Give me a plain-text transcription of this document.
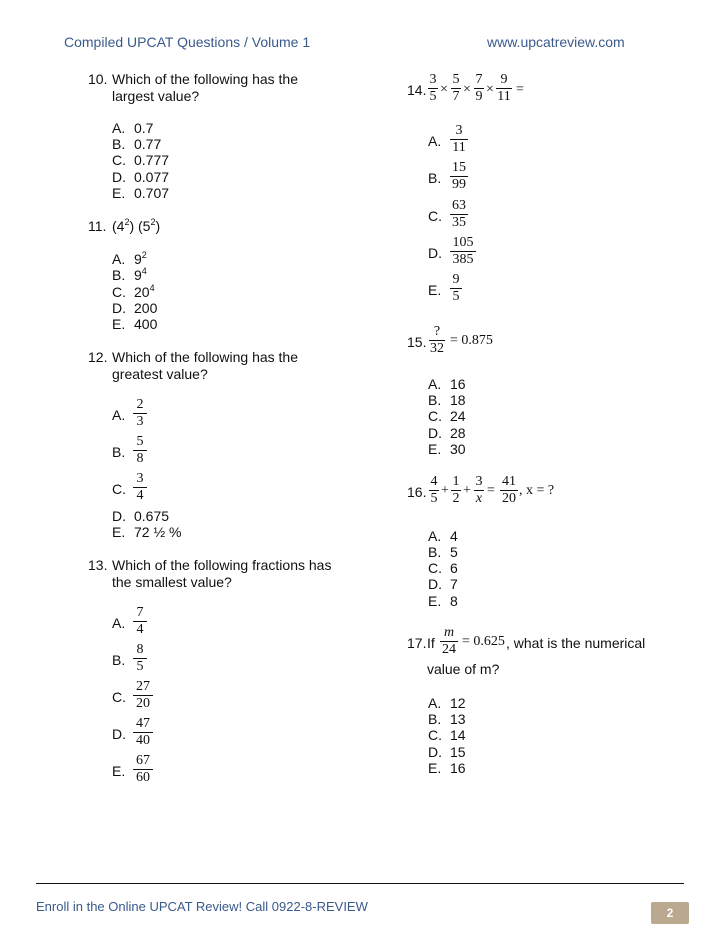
Compiled UPCAT Questions / Volume 1	www.upcatreview.com
10. Which of the following has the
largest value?
A. 0.7
B. 0.77
C. 0.777
D. 0.077
E. 0.707
11. $(4^2)$ $(5^2)$
A. $9^2$
B. $9^4$
C. $20^4$
D. 200
E. 400
12. Which of the following has the
greatest value?
A.
2
3
B.
5
8
C.
3
4
D. 0.675
E. 72 ½ %
13. Which of the following fractions has
the smallest value?
A.
7
4
B.
8
5
C.
27
20
D.
47
40
E.
67
60
14.
3
5 ×
5
7 ×
7
9 ×
9
11 =
A.
3
11
B.
15
99
C.
63
35
D.
105
385
E.
9
5
15.
?
32
= 0.875
A. 16
B. 18
C. 24
D. 28
E. 30
16.
4
5
+
1
2
+
3
x
=
41
20
, x = ?
A. 4
B. 5
C. 6
D. 7
E. 8
17. If
m
24
= 0.625 , what is the numerical
value of m?
A. 12
B. 13
C. 14
D. 15
E. 16
Enroll in the Online UPCAT Review! Call 0922-8-REVIEW	2
